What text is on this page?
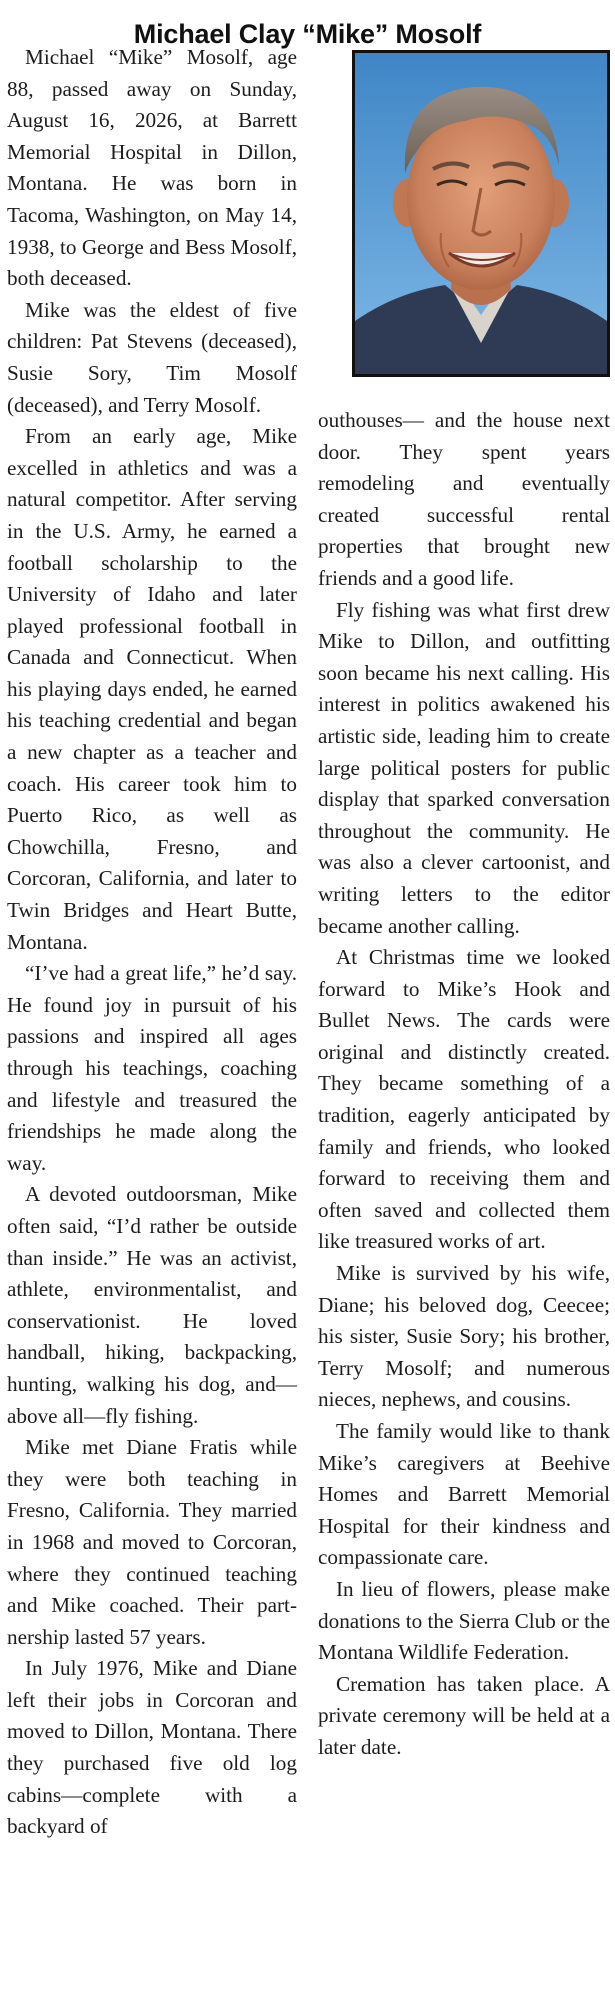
Michael Clay “Mike” Mosolf

Michael “Mike” Mosolf, age 88, passed away on Sunday, August 16, 2026, at Barrett Memorial Hospital in Dillon, Montana. He was born in Tacoma, Washington, on May 14, 1938, to George and Bess Mosolf, both deceased.

Mike was the eldest of five children: Pat Stevens (deceased), Susie Sory, Tim Mosolf (deceased), and Terry Mosolf.

From an early age, Mike excelled in athletics and was a natural competitor. After serving in the U.S. Army, he earned a football scholarship to the University of Idaho and later played professional football in Canada and Connecticut. When his playing days ended, he earned his teaching credential and began a new chapter as a teacher and coach. His career took him to Puerto Rico, as well as Chowchilla, Fresno, and Corcoran, California, and later to Twin Bridges and Heart Butte, Montana.

“I’ve had a great life,” he’d say. He found joy in pursuit of his passions and inspired all ages through his teachings, coaching and lifestyle and treasured the friendships he made along the way.

A devoted outdoorsman, Mike often said, “I’d rather be outside than inside.” He was an activist, athlete, environmentalist, and conservationist. He loved handball, hiking, backpacking, hunting, walking his dog, and—above all—fly fishing.

Mike met Diane Fratis while they were both teaching in Fresno, California. They married in 1968 and moved to Corcoran, where they continued teaching and Mike coached. Their partnership lasted 57 years.

In July 1976, Mike and Diane left their jobs in Corcoran and moved to Dillon, Montana. There they purchased five old log cabins—complete with a backyard of

outhouses— and the house next door. They spent years remodeling and eventually created successful rental properties that brought new friends and a good life.

Fly fishing was what first drew Mike to Dillon, and outfitting soon became his next calling. His interest in politics awakened his artistic side, leading him to create large political posters for public display that sparked conversation throughout the community. He was also a clever cartoonist, and writing letters to the editor became another calling.

At Christmas time we looked forward to Mike’s Hook and Bullet News. The cards were original and distinctly created. They became something of a tradition, eagerly anticipated by family and friends, who looked forward to receiving them and often saved and collected them like treasured works of art.

Mike is survived by his wife, Diane; his beloved dog, Ceecee; his sister, Susie Sory; his brother, Terry Mosolf; and numerous nieces, nephews, and cousins.

The family would like to thank Mike’s caregivers at Beehive Homes and Barrett Memorial Hospital for their kindness and compassionate care.

In lieu of flowers, please make donations to the Sierra Club or the Montana Wildlife Federation.

Cremation has taken place. A private ceremony will be held at a later date.
